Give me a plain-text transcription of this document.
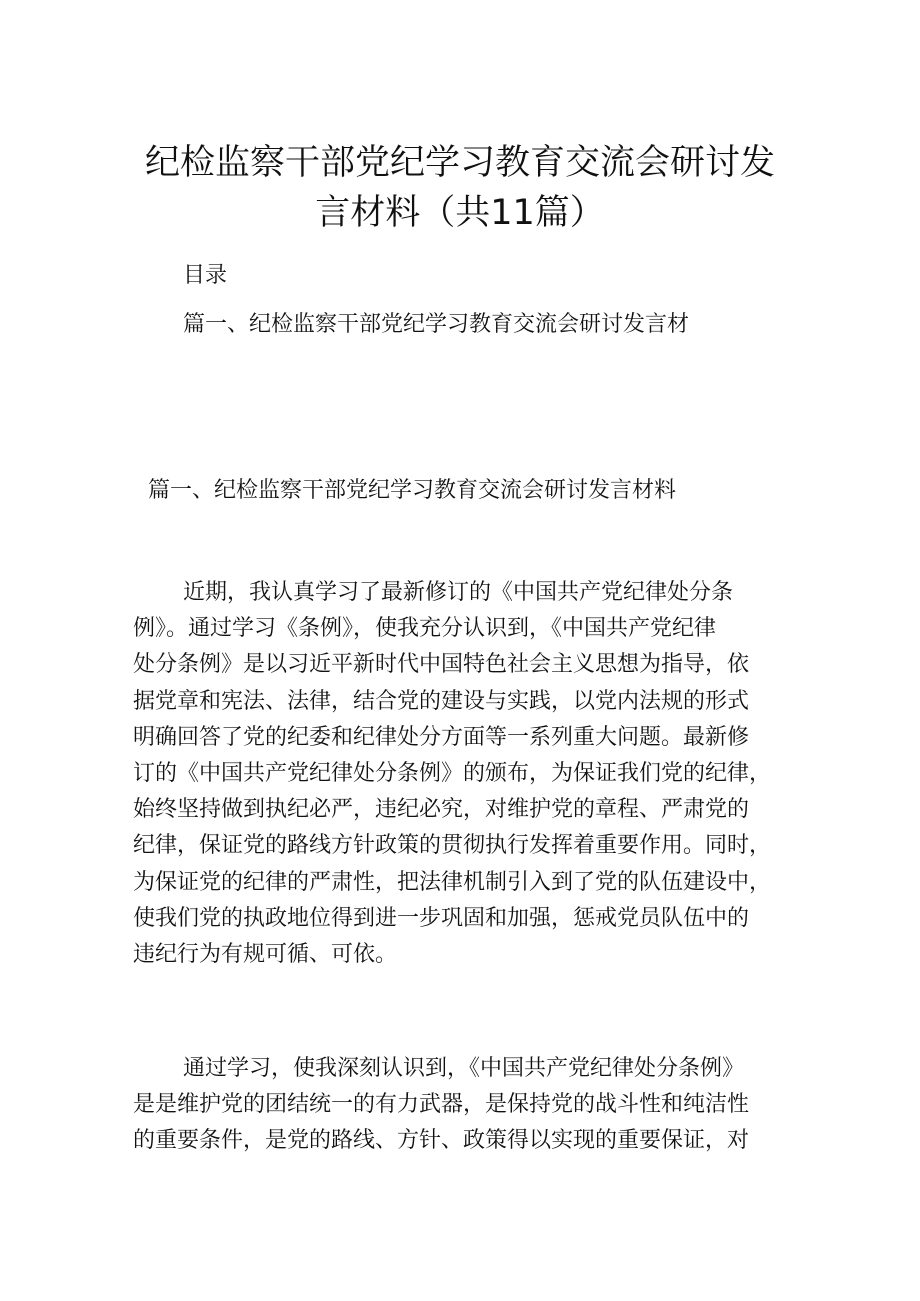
纪检监察干部党纪学习教育交流会研讨发
言材料（共11篇）
目录
篇一、纪检监察干部党纪学习教育交流会研讨发言材
篇一、纪检监察干部党纪学习教育交流会研讨发言材料
近期，我认真学习了最新修订的《中国共产党纪律处分条
例》。通过学习《条例》，使我充分认识到，《中国共产党纪律
处分条例》是以习近平新时代中国特色社会主义思想为指导，依
据党章和宪法、法律，结合党的建设与实践，以党内法规的形式
明确回答了党的纪委和纪律处分方面等一系列重大问题。最新修
订的《中国共产党纪律处分条例》的颁布，为保证我们党的纪律，
始终坚持做到执纪必严，违纪必究，对维护党的章程、严肃党的
纪律，保证党的路线方针政策的贯彻执行发挥着重要作用。同时，
为保证党的纪律的严肃性，把法律机制引入到了党的队伍建设中，
使我们党的执政地位得到进一步巩固和加强，惩戒党员队伍中的
违纪行为有规可循、可依。
通过学习，使我深刻认识到，《中国共产党纪律处分条例》
是是维护党的团结统一的有力武器，是保持党的战斗性和纯洁性
的重要条件，是党的路线、方针、政策得以实现的重要保证，对
